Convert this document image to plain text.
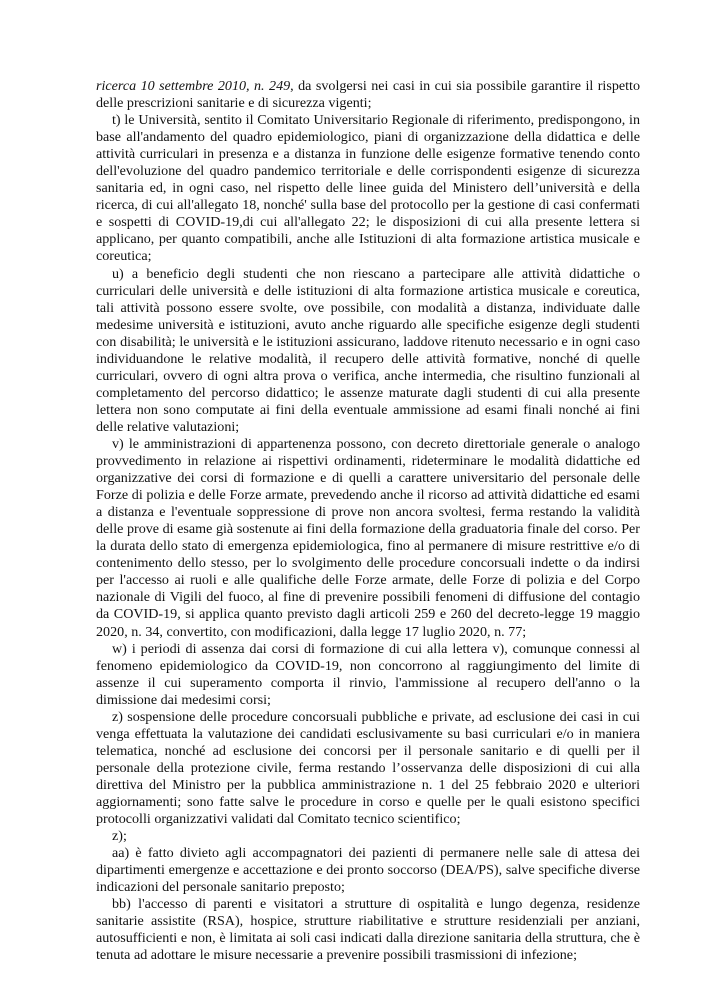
ricerca 10 settembre 2010, n. 249, da svolgersi nei casi in cui sia possibile garantire il rispetto delle prescrizioni sanitarie e di sicurezza vigenti;

t) le Università, sentito il Comitato Universitario Regionale di riferimento, predispongono, in base all'andamento del quadro epidemiologico, piani di organizzazione della didattica e delle attività curriculari in presenza e a distanza in funzione delle esigenze formative tenendo conto dell'evoluzione del quadro pandemico territoriale e delle corrispondenti esigenze di sicurezza sanitaria ed, in ogni caso, nel rispetto delle linee guida del Ministero dell’università e della ricerca, di cui all'allegato 18, nonché' sulla base del protocollo per la gestione di casi confermati e sospetti di COVID-19,di cui all'allegato 22; le disposizioni di cui alla presente lettera si applicano, per quanto compatibili, anche alle Istituzioni di alta formazione artistica musicale e coreutica;

u) a beneficio degli studenti che non riescano a partecipare alle attività didattiche o curriculari delle università e delle istituzioni di alta formazione artistica musicale e coreutica, tali attività possono essere svolte, ove possibile, con modalità a distanza, individuate dalle medesime università e istituzioni, avuto anche riguardo alle specifiche esigenze degli studenti con disabilità; le università e le istituzioni assicurano, laddove ritenuto necessario e in ogni caso individuandone le relative modalità, il recupero delle attività formative, nonché di quelle curriculari, ovvero di ogni altra prova o verifica, anche intermedia, che risultino funzionali al completamento del percorso didattico; le assenze maturate dagli studenti di cui alla presente lettera non sono computate ai fini della eventuale ammissione ad esami finali nonché ai fini delle relative valutazioni;

v) le amministrazioni di appartenenza possono, con decreto direttoriale generale o analogo provvedimento in relazione ai rispettivi ordinamenti, rideterminare le modalità didattiche ed organizzative dei corsi di formazione e di quelli a carattere universitario del personale delle Forze di polizia e delle Forze armate, prevedendo anche il ricorso ad attività didattiche ed esami a distanza e l'eventuale soppressione di prove non ancora svoltesi, ferma restando la validità delle prove di esame già sostenute ai fini della formazione della graduatoria finale del corso. Per la durata dello stato di emergenza epidemiologica, fino al permanere di misure restrittive e/o di contenimento dello stesso, per lo svolgimento delle procedure concorsuali indette o da indirsi per l'accesso ai ruoli e alle qualifiche delle Forze armate, delle Forze di polizia e del Corpo nazionale di Vigili del fuoco, al fine di prevenire possibili fenomeni di diffusione del contagio da COVID-19, si applica quanto previsto dagli articoli 259 e 260 del decreto-legge 19 maggio 2020, n. 34, convertito, con modificazioni, dalla legge 17 luglio 2020, n. 77;

w) i periodi di assenza dai corsi di formazione di cui alla lettera v), comunque connessi al fenomeno epidemiologico da COVID-19, non concorrono al raggiungimento del limite di assenze il cui superamento comporta il rinvio, l'ammissione al recupero dell'anno o la dimissione dai medesimi corsi;

z) sospensione delle procedure concorsuali pubbliche e private, ad esclusione dei casi in cui venga effettuata la valutazione dei candidati esclusivamente su basi curriculari e/o in maniera telematica, nonché ad esclusione dei concorsi per il personale sanitario e di quelli per il personale della protezione civile, ferma restando l’osservanza delle disposizioni di cui alla direttiva del Ministro per la pubblica amministrazione n. 1 del 25 febbraio 2020 e ulteriori aggiornamenti; sono fatte salve le procedure in corso e quelle per le quali esistono specifici protocolli organizzativi validati dal Comitato tecnico scientifico;

z);

aa) è fatto divieto agli accompagnatori dei pazienti di permanere nelle sale di attesa dei dipartimenti emergenze e accettazione e dei pronto soccorso (DEA/PS), salve specifiche diverse indicazioni del personale sanitario preposto;

bb) l'accesso di parenti e visitatori a strutture di ospitalità e lungo degenza, residenze sanitarie assistite (RSA), hospice, strutture riabilitative e strutture residenziali per anziani, autosufficienti e non, è limitata ai soli casi indicati dalla direzione sanitaria della struttura, che è tenuta ad adottare le misure necessarie a prevenire possibili trasmissioni di infezione;
